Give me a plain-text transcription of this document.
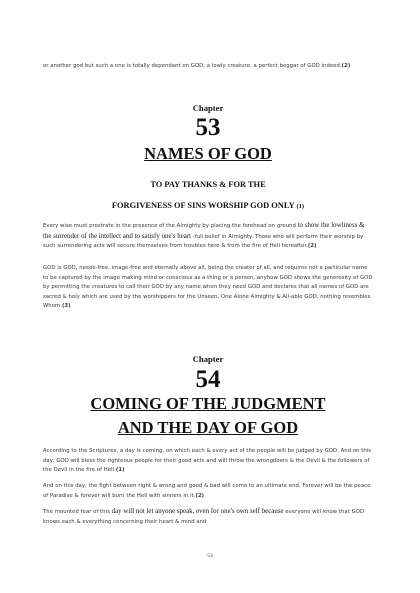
or another god but such a one is totally dependant on GOD, a lowly creature, a perfect beggar of GOD indeed.(2)

Chapter
53
NAMES OF GOD
TO PAY THANKS & FOR THE
FORGIVENESS OF SINS WORSHIP GOD ONLY (1)

Every wise must prostrate in the presence of the Almighty by placing the forehead on ground to show the lowliness & the surrender of the intellect and to satisfy one's heart -full belief in Almighty. Those who will perform their worship by such surrendering acts will secure themselves from troubles here & from the fire of Hell hereafter.(2)

GOD is GOD, needs-free, image-free and eternally above all, being the creator of all, and requires not a particular name to be captured by the image making mind or conscious as a thing or a person, anyhow GOD shows the generosity of GOD by permitting the creatures to call their GOD by any name when they need GOD and declares that all names of GOD are sacred & holy which are used by the worshippers for the Unseen, One Alone Almighty & All-able GOD, nothing resembles Whom.(3)

Chapter
54
COMING OF THE JUDGMENT
AND THE DAY OF GOD

According to the Scriptures, a day is coming, on which each & every act of the people will be judged by GOD. And on this day, GOD will bless the righteous people for their good acts and will throw the wrongdoers & the Devil & the followers of the Devil in the fire of Hell.(1)

And on this day, the fight between right & wrong and good & bad will come to an ultimate end. Forever will be the peace of Paradise & forever will burn the Hell with sinners in it.(2)

The mounted fear of this day will not let anyone speak, even for one's own self because everyone will know that GOD knows each & everything concerning their heart & mind and

53
